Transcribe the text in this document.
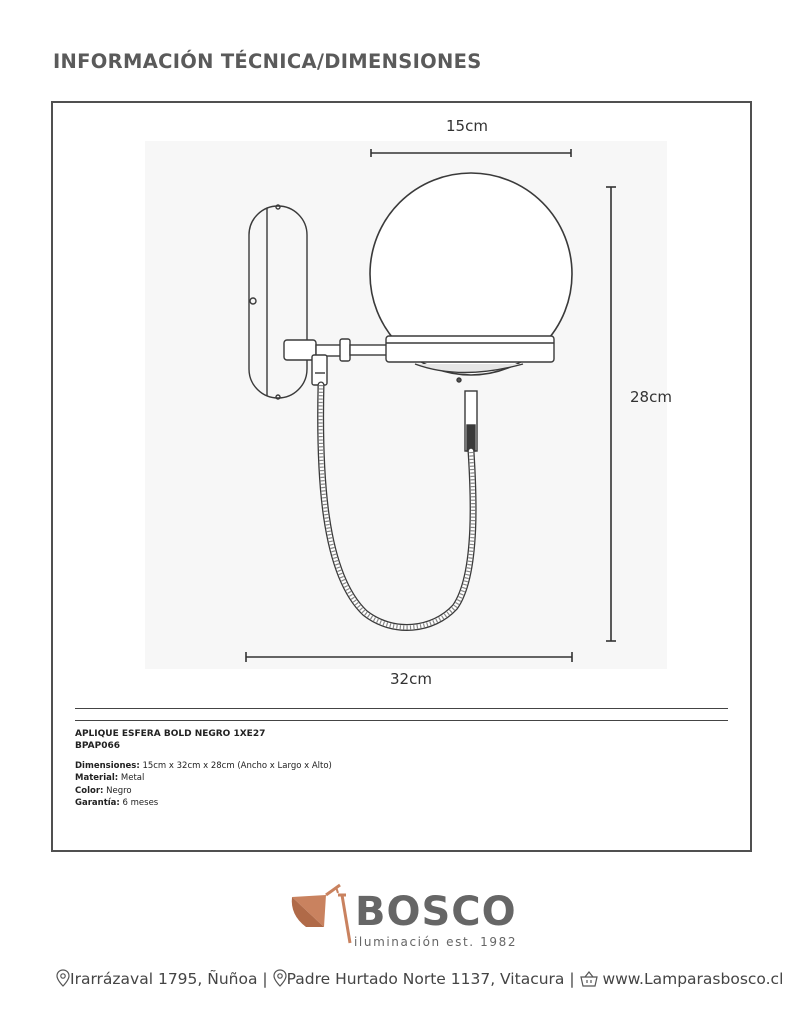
INFORMACIÓN TÉCNICA/DIMENSIONES
15cm
28cm
32cm
APLIQUE ESFERA BOLD NEGRO 1XE27
BPAP066
Dimensiones: 15cm x 32cm x 28cm (Ancho x Largo x Alto)
Material: Metal
Color: Negro
Garantía: 6 meses
BOSCO
iluminación est. 1982
Irarrázaval 1795, Ñuñoa | Padre Hurtado Norte 1137, Vitacura | www.Lamparasbosco.cl
